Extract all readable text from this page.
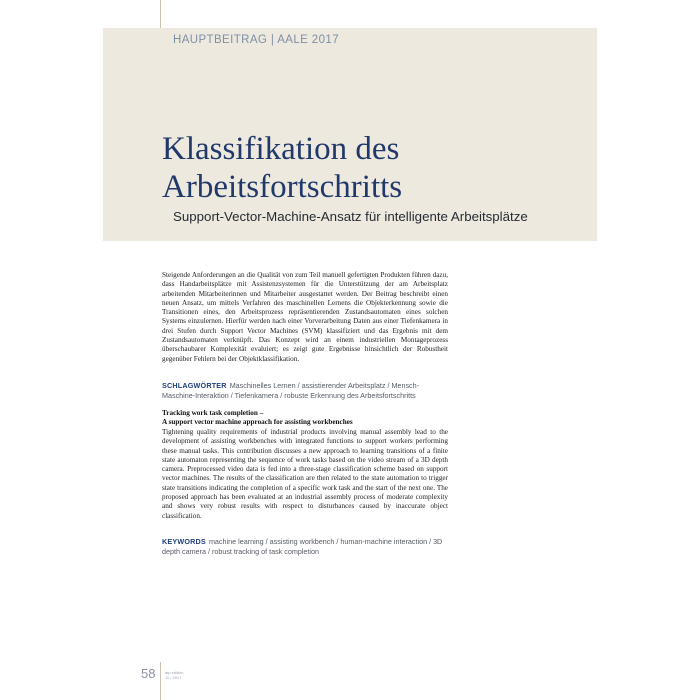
HAUPTBEITRAG | AALE 2017
Klassifikation des
Arbeitsfortschritts
Support-Vector-Machine-Ansatz für intelligente Arbeitsplätze

Steigende Anforderungen an die Qualität von zum Teil manuell gefertigten Produkten führen dazu, dass Handarbeitsplätze mit Assistenzsystemen für die Unterstützung der am Arbeitsplatz arbeitenden Mitarbeiterinnen und Mitarbeiter ausgestattet werden. Der Beitrag beschreibt einen neuen Ansatz, um mittels Verfahren des maschinellen Lernens die Objekterkennung sowie die Transitionen eines, den Arbeitsprozess repräsentierenden Zustandsautomaten eines solchen Systems einzulernen. Hierfür werden nach einer Vorverarbeitung Daten aus einer Tiefenkamera in drei Stufen durch Support Vector Machines (SVM) klassifiziert und das Ergebnis mit dem Zustandsautomaten verknüpft. Das Konzept wird an einem industriellen Montageprozess überschaubarer Komplexität evaluiert; es zeigt gute Ergebnisse hinsichtlich der Robustheit gegenüber Fehlern bei der Objektklassifikation.

SCHLAGWÖRTER Maschinelles Lernen / assistierender Arbeitsplatz / Mensch-Maschine-Interaktion / Tiefenkamera / robuste Erkennung des Arbeitsfortschritts

Tracking work task completion –
A support vector machine approach for assisting workbenches

Tightening quality requirements of industrial products involving manual assembly lead to the development of assisting workbenches with integrated functions to support workers performing these manual tasks. This contribution discusses a new approach to learning transitions of a finite state automaton representing the sequence of work tasks based on the video stream of a 3D depth camera. Preprocessed video data is fed into a three-stage classification scheme based on support vector machines. The results of the classification are then related to the state automation to trigger state transitions indicating the completion of a specific work task and the start of the next one. The proposed approach has been evaluated at an industrial assembly process of moderate complexity and shows very robust results with respect to disturbances caused by inaccurate object classification.

KEYWORDS machine learning / assisting workbench / human-machine interaction / 3D depth camera / robust tracking of task completion

58 atp edition
11 / 2017
